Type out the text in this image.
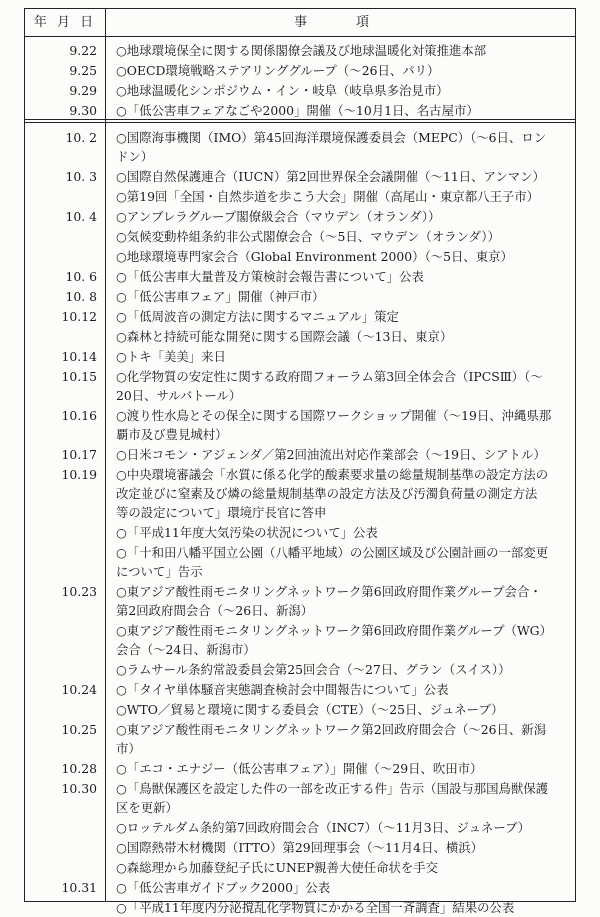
年 月 日	事　項
9.22 ○地球環境保全に関する関係閣僚会議及び地球温暖化対策推進本部
9.25 ○OECD環境戦略ステアリンググループ（～26日、パリ）
9.29 ○地球温暖化シンポジウム・イン・岐阜（岐阜県多治見市）
9.30 ○「低公害車フェアなごや2000」開催（～10月1日、名古屋市）
10. 2 ○国際海事機関（IMO）第45回海洋環境保護委員会（MEPC）（～6日、ロン
ドン）
10. 3 ○国際自然保護連合（IUCN）第2回世界保全会議開催（～11日、アンマン）
○第19回「全国・自然歩道を歩こう大会」開催（高尾山・東京都八王子市）
10. 4 ○アンブレラグループ閣僚級会合（マウデン（オランダ））
○気候変動枠組条約非公式閣僚会合（～5日、マウデン（オランダ））
○地球環境専門家会合（Global Environment 2000）（～5日、東京）
10. 6 ○「低公害車大量普及方策検討会報告書について」公表
10. 8 ○「低公害車フェア」開催（神戸市）
10.12 ○「低周波音の測定方法に関するマニュアル」策定
○森林と持続可能な開発に関する国際会議（～13日、東京）
10.14 ○トキ「美美」来日
10.15 ○化学物質の安定性に関する政府間フォーラム第3回全体会合（IPCSⅢ）（～
20日、サルバトール）
10.16 ○渡り性水鳥とその保全に関する国際ワークショップ開催（～19日、沖縄県那
覇市及び豊見城村）
10.17 ○日米コモン・アジェンダ／第2回油流出対応作業部会（～19日、シアトル）
10.19 ○中央環境審議会「水質に係る化学的酸素要求量の総量規制基準の設定方法の
改定並びに窒素及び燐の総量規制基準の設定方法及び汚濁負荷量の測定方法
等の設定について」環境庁長官に答申
○「平成11年度大気汚染の状況について」公表
○「十和田八幡平国立公園（八幡平地域）の公園区域及び公園計画の一部変更
について」告示
10.23 ○東アジア酸性雨モニタリングネットワーク第6回政府間作業グループ会合・
第2回政府間会合（～26日、新潟）
○東アジア酸性雨モニタリングネットワーク第6回政府間作業グループ（WG）
会合（～24日、新潟市）
○ラムサール条約常設委員会第25回会合（～27日、グラン（スイス））
10.24 ○「タイヤ単体騒音実態調査検討会中間報告について」公表
○WTO／貿易と環境に関する委員会（CTE）（～25日、ジュネーブ）
10.25 ○東アジア酸性雨モニタリングネットワーク第2回政府間会合（～26日、新潟
市）
10.28 ○「エコ・エナジー（低公害車フェア）」開催（～29日、吹田市）
10.30 ○「鳥獣保護区を設定した件の一部を改正する件」告示（国設与那国鳥獣保護
区を更新）
○ロッテルダム条約第7回政府間会合（INC7）（～11月3日、ジュネーブ）
○国際熱帯木材機関（ITTO）第29回理事会（～11月4日、横浜）
○森総理から加藤登紀子氏にUNEP親善大使任命状を手交
10.31 ○「低公害車ガイドブック2000」公表
○「平成11年度内分泌撹乱化学物質にかかる全国一斉調査」結果の公表
